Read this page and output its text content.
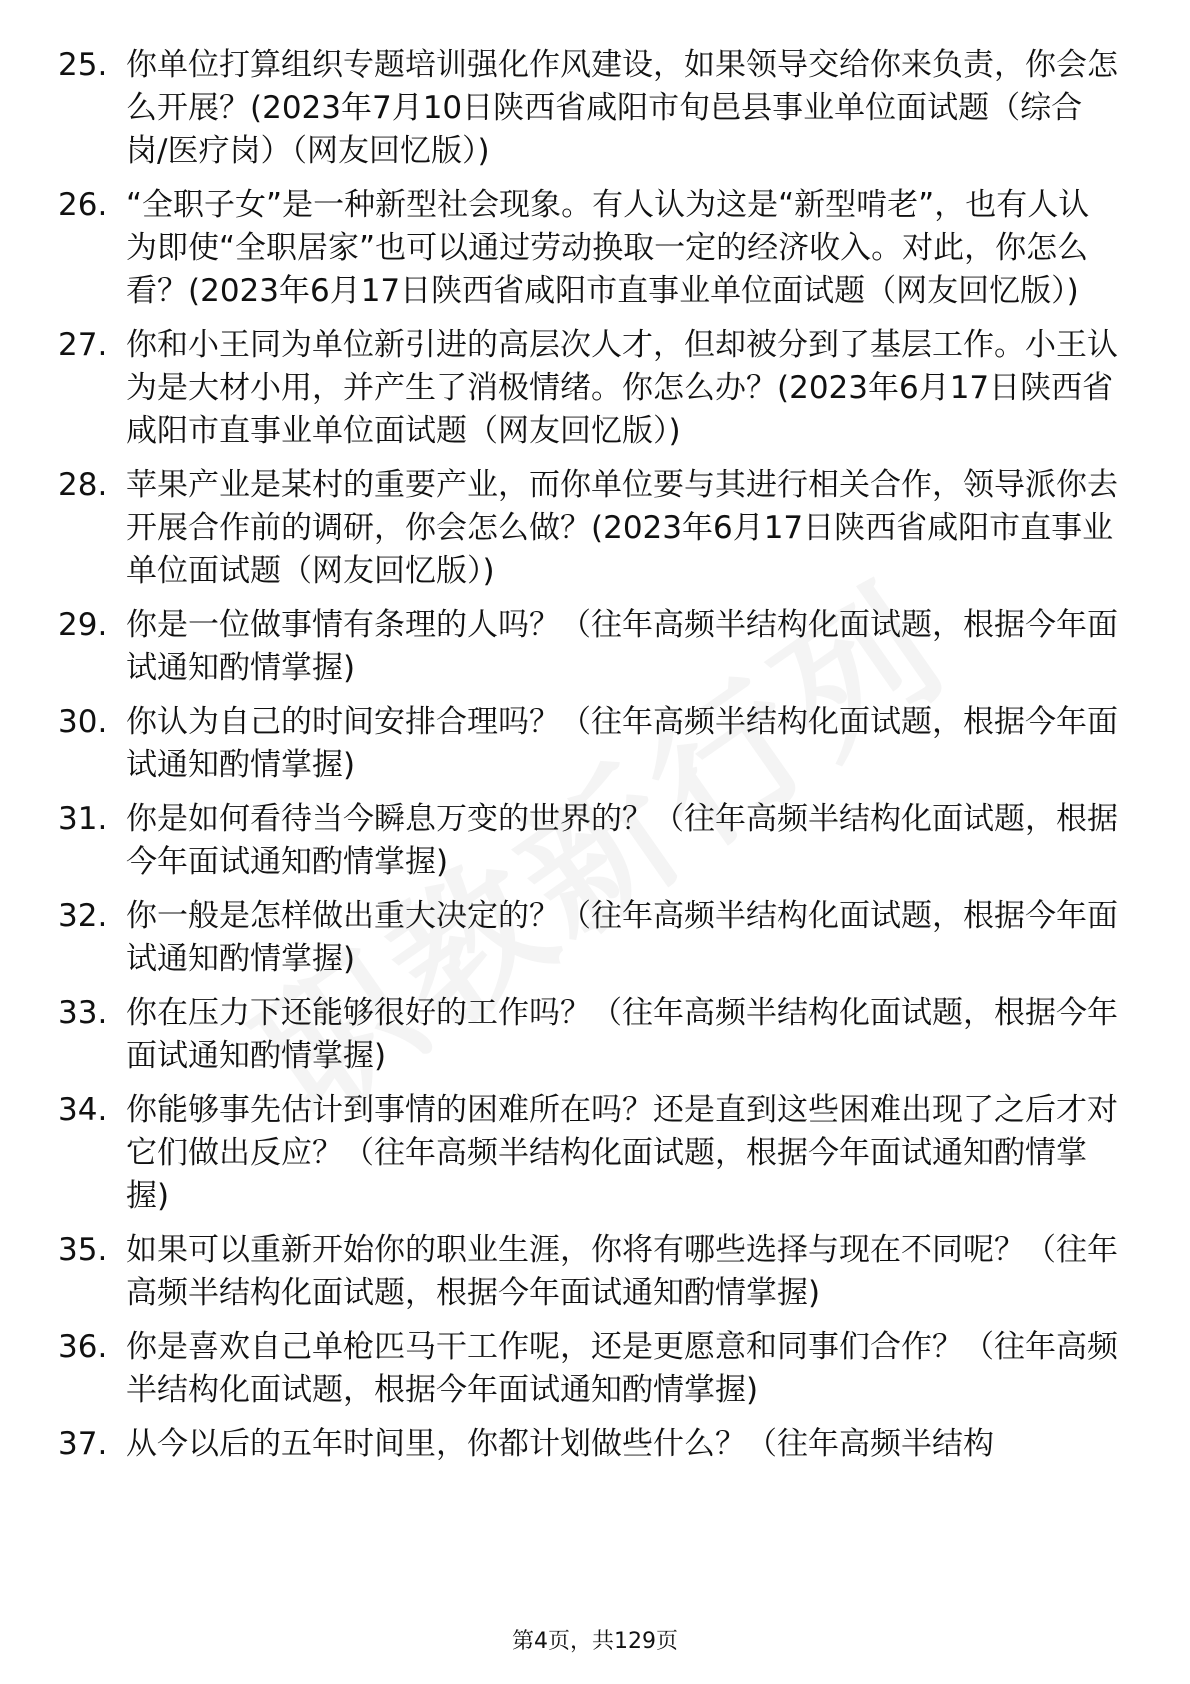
25. 你单位打算组织专题培训强化作风建设，如果领导交给你来负责，你会怎么开展？(2023年7月10日陕西省咸阳市旬邑县事业单位面试题（综合岗/医疗岗）（网友回忆版）)
26. “全职子女”是一种新型社会现象。有人认为这是“新型啃老”，也有人认为即使“全职居家”也可以通过劳动换取一定的经济收入。对此，你怎么看？(2023年6月17日陕西省咸阳市直事业单位面试题（网友回忆版）)
27. 你和小王同为单位新引进的高层次人才，但却被分到了基层工作。小王认为是大材小用，并产生了消极情绪。你怎么办？(2023年6月17日陕西省咸阳市直事业单位面试题（网友回忆版）)
28. 苹果产业是某村的重要产业，而你单位要与其进行相关合作，领导派你去开展合作前的调研，你会怎么做？(2023年6月17日陕西省咸阳市直事业单位面试题（网友回忆版）)
29. 你是一位做事情有条理的人吗？（往年高频半结构化面试题，根据今年面试通知酌情掌握)
30. 你认为自己的时间安排合理吗？（往年高频半结构化面试题，根据今年面试通知酌情掌握)
31. 你是如何看待当今瞬息万变的世界的？（往年高频半结构化面试题，根据今年面试通知酌情掌握)
32. 你一般是怎样做出重大决定的？（往年高频半结构化面试题，根据今年面试通知酌情掌握)
33. 你在压力下还能够很好的工作吗？（往年高频半结构化面试题，根据今年面试通知酌情掌握)
34. 你能够事先估计到事情的困难所在吗？还是直到这些困难出现了之后才对它们做出反应？（往年高频半结构化面试题，根据今年面试通知酌情掌握)
35. 如果可以重新开始你的职业生涯，你将有哪些选择与现在不同呢？（往年高频半结构化面试题，根据今年面试通知酌情掌握)
36. 你是喜欢自己单枪匹马干工作呢，还是更愿意和同事们合作？（往年高频半结构化面试题，根据今年面试通知酌情掌握)
37. 从今以后的五年时间里，你都计划做些什么？（往年高频半结构
第4页，共129页
